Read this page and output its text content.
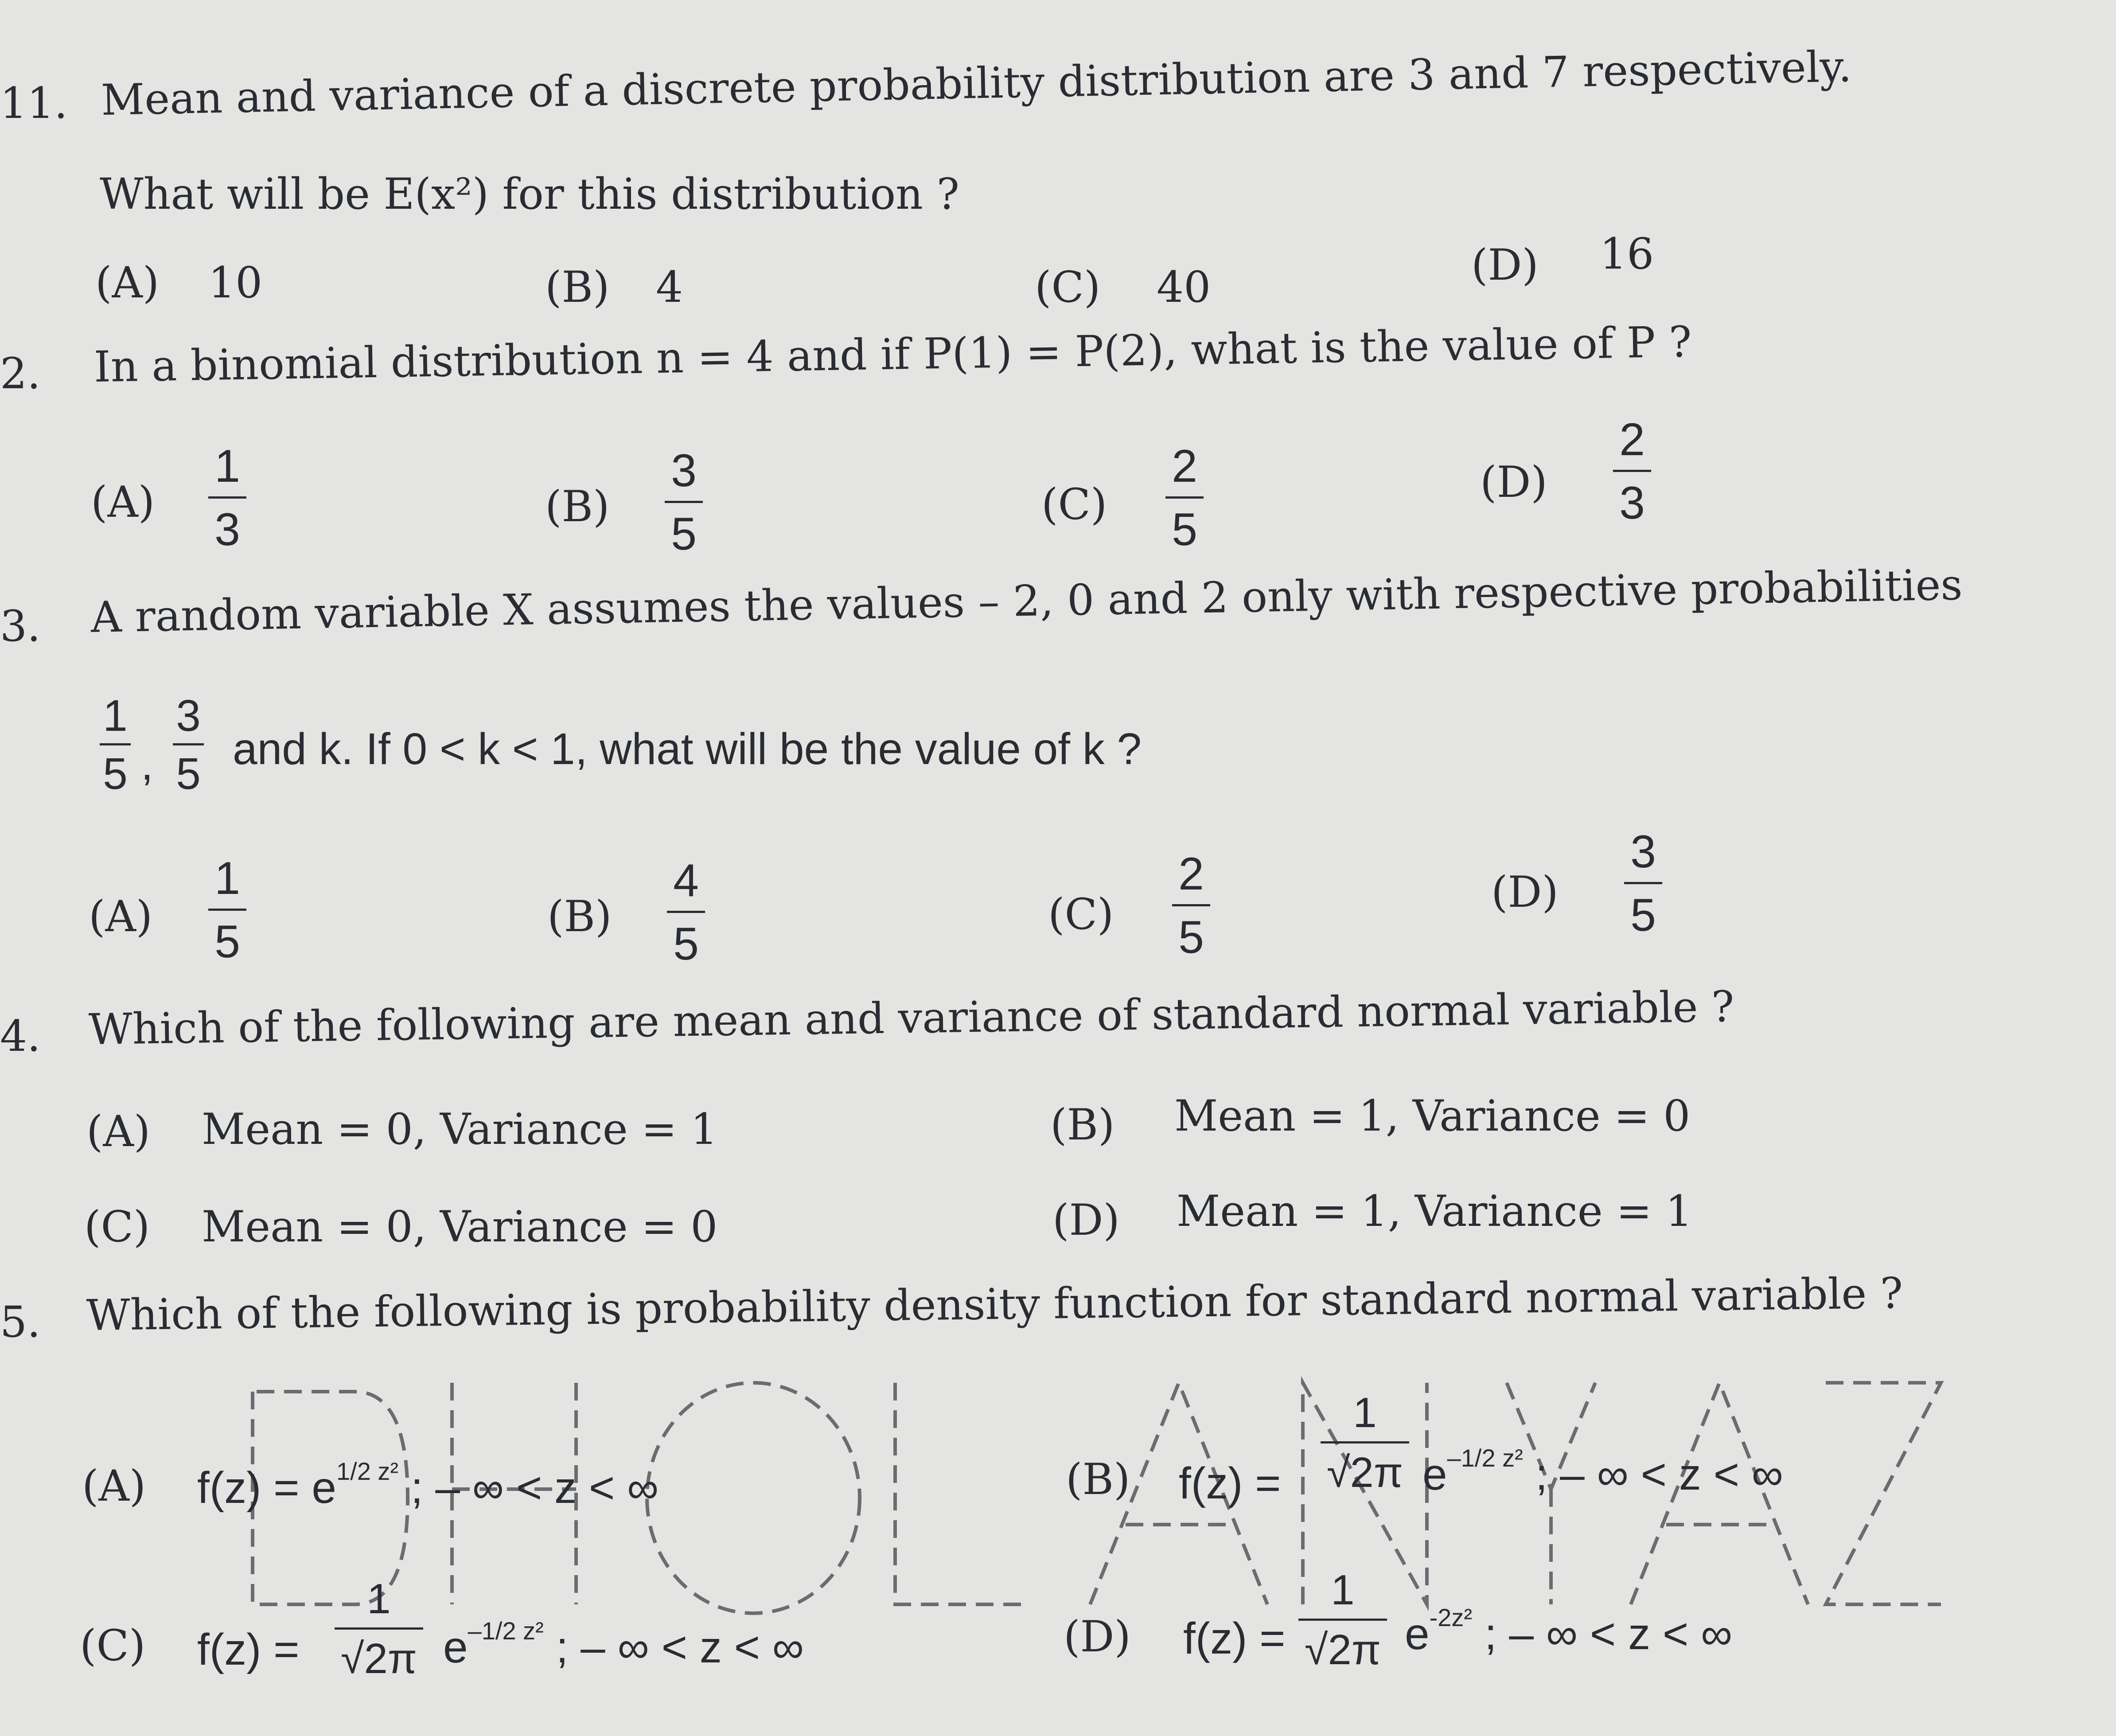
11. Mean and variance of a discrete probability distribution are 3 and 7 respectively.
What will be E(x²) for this distribution ?
(A) 10	(B) 4	(C) 40	(D) 16
2. In a binomial distribution n = 4 and if P(1) = P(2), what is the value of P ?
(A)
1
3	(B)
3
5
(C)
2
5
(D)
2
3
3. A random variable X assumes the values – 2, 0 and 2 only with respective probabilities
1
5 ,
3
5 and k. If 0 < k < 1, what will be the value of k ?
(A)
1
5	(B)
4
5
(C)
2
5
(D)
3
5
4. Which of the following are mean and variance of standard normal variable ?
(A) Mean = 0, Variance = 1	(B) Mean = 1, Variance = 0
(C) Mean = 0, Variance = 0	(D) Mean = 1, Variance = 1
5. Which of the following is probability density function for standard normal variable ?
(A) $f(z) = e^{1/2 z^2}$ ; – ∞ < z < ∞	(B) f(z) =
1
√2π $e^{-1/2 z^2}$ ; – ∞ < z < ∞
(C) f(z) =
1
√2π $e^{-1/2 z^2}$ ; – ∞ < z < ∞	(D) f(z) =
1
√2π $e^{-2z^2}$ ; – ∞ < z < ∞
